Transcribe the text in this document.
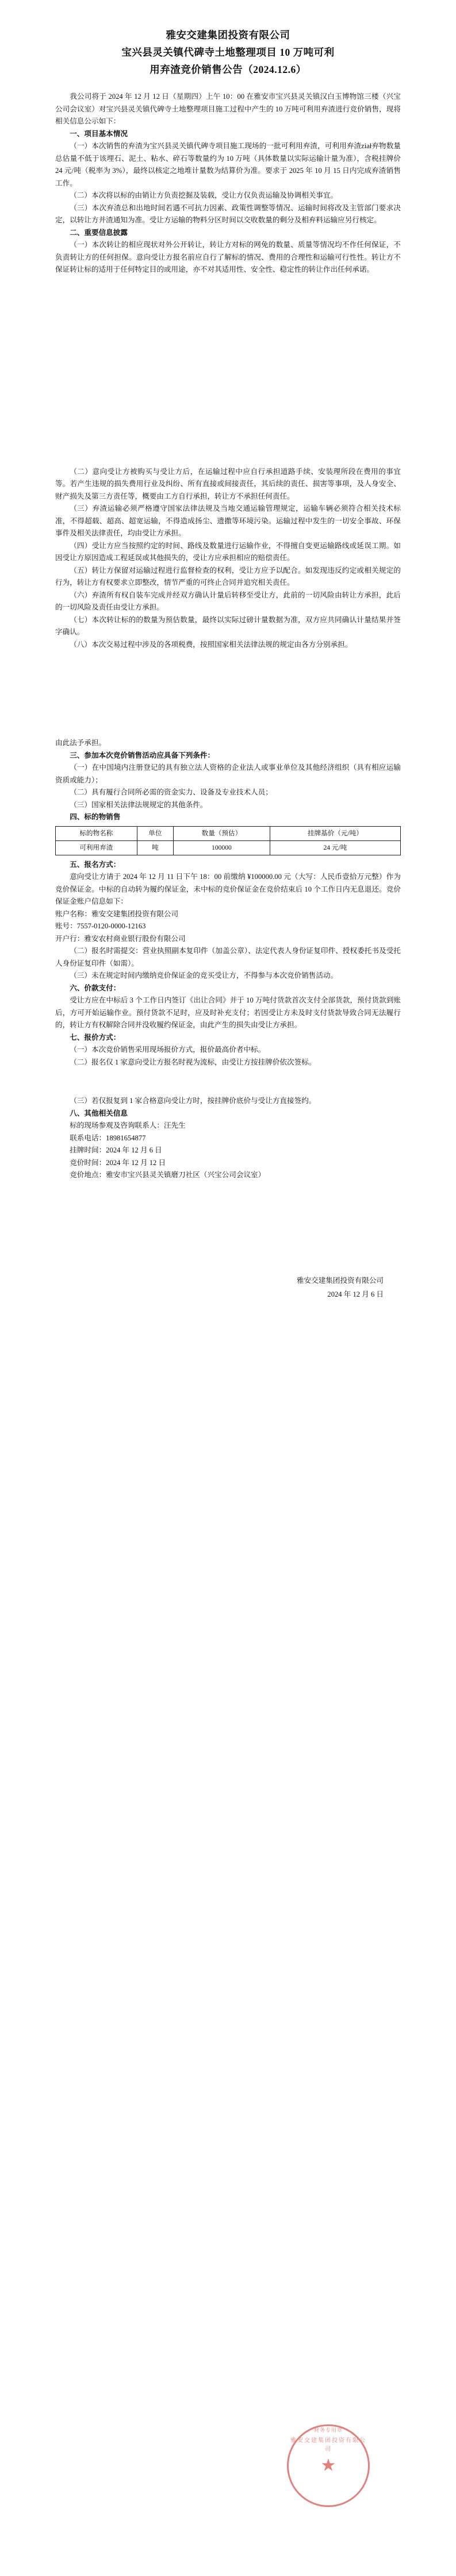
雅安交建集团投资有限公司
宝兴县灵关镇代碑寺土地整理项目 10 万吨可利
用弃渣竞价销售公告（2024.12.6）

我公司将于 2024 年 12 月 12 日（星期四）上午 10：00 在雅安市宝兴县灵关镇汉白玉博物馆三楼（兴宝公司会议室）对宝兴县灵关镇代碑寺土地整理项目施工过程中产生的 10 万吨可利用弃渣进行竞价销售，现将相关信息公示如下：

一、项目基本情况

（一）本次销售的弃渣为宝兴县灵关镇代碑寺项目施工现场的一批可利用弃渣，可利用弃渣ział弃物数量总估量不低于该埋石、泥土、粘水、碎石等数量约为 10 万吨（具体数量以实际运输计量为准），含税挂牌价 24 元/吨（税率为 3%），最终以核定之地堆计量数为结算价为准。要求于 2025 年 10 月 15 日内完成弃渣销售工作。

（二）本次将以标的由销让方负责挖掘及装载，受让方仅负责运输及协调相关事宜。

（三）本次弃渣总和出地时间若遇不可抗力因素、政策性调整等情况、运输时间将改及主管部门要求决定，以转让方并渣通知为准。受让方运输的物料分区时间以交收数量的剩分及相弃料运输应另行核定。

二、重要信息披露

（一）本次转让的相应现状对外公开转让，转让方对标的网免的数量、质量等情况均不作任何保证，不负责转让方的任何担保。意向受让方报名前应自行了解标的情况、费用的合理性和运输可行性性。转让方不保证转让标的适用于任何特定目的或用途，亦不对其适用性、安全性、稳定性的转让作出任何承诺。

（二）意向受让方被购买与受让方后，在运输过程中应自行承担道路手续、安装理所段在费用的事宜等。若产生违规的损失费用行业及纠纷、所有直接或间接责任，其后续的责任、损害等事项，及人身安全、财产损失及第三方责任等，概要由工方自行承担，转让方不承担任何责任。

（三）弃渣运输必须严格遵守国家法律法规及当地交通运输管理规定，运输车辆必须符合相关技术标准，不得超载、超高、超宽运输，不得造成扬尘、遗撒等环境污染。运输过程中发生的一切安全事故、环保事件及相关法律责任，均由受让方承担。

（四）受让方应当按照约定的时间、路线及数量进行运输作业，不得擅自变更运输路线或延误工期。如因受让方原因造成工程延误或其他损失的，受让方应承担相应的赔偿责任。

（五）转让方保留对运输过程进行监督检查的权利，受让方应予以配合。如发现违反约定或相关规定的行为，转让方有权要求立即整改，情节严重的可终止合同并追究相关责任。

（六）弃渣所有权自装车完成并经双方确认计量后转移至受让方，此前的一切风险由转让方承担，此后的一切风险及责任由受让方承担。

（七）本次转让标的的数量为预估数量，最终以实际过磅计量数据为准，双方应共同确认计量结果并签字确认。

（八）本次交易过程中涉及的各项税费，按照国家相关法律法规的规定由各方分别承担。

由此法予承担。

三、参加本次竞价销售活动应具备下列条件：

（一）在中国境内注册登记的具有独立法人资格的企业法人或事业单位及其他经济组织（具有相应运输资质或能力）；

（二）具有履行合同所必需的资金实力、设备及专业技术人员；

（三）国家相关法律法规规定的其他条件。

四、标的物销售

标的物名称	单位	数量（预估）	挂牌基价（元/吨）
可利用弃渣	吨	100000	24 元/吨

五、报名方式：

意向受让方请于 2024 年 12 月 11 日下午 18：00 前缴纳 ¥100000.00 元（大写：人民币壹拾万元整）作为竞价保证金。中标的自动转为履约保证金，未中标的竞价保证金在竞价结束后 10 个工作日内无息退还。竞价保证金账户信息如下：

账户名称：雅安交建集团投资有限公司

账号：7557-0120-0000-12163

开户行：雅安农村商业银行股份有限公司

（二）报名时需提交：营业执照副本复印件（加盖公章）、法定代表人身份证复印件、授权委托书及受托人身份证复印件（如需）。

（三）未在规定时间内缴纳竞价保证金的竞买受让方，不得参与本次竞价销售活动。

六、价款支付：

受让方应在中标后 3 个工作日内签订《出让合同》并于 10 万吨付货款首次支付全部货款，预付货款到账后，方可开始运输作业。预付货款不足时，应及时补充支付；若因受让方未及时支付货款导致合同无法履行的，转让方有权解除合同并没收履约保证金，由此产生的损失由受让方承担。

七、报价方式：

（一）本次竞价销售采用现场报价方式，报价最高价者中标。

（二）报名仅 1 家意向受让方报名时视为流标，由受让方按挂牌价依次签标。

（三）若仅报复到 1 家合格意向受让方时，按挂牌价底价与受让方直接签约。

八、其他相关信息

标的现场参观及咨询联系人：汪先生

联系电话：18981654877

挂牌时间：2024 年 12 月 6 日

竞价时间：2024 年 12 月 12 日

竞价地点：雅安市宝兴县灵关镇磨刀社区（兴宝公司会议室）

雅安交建集团投资有限公司
2024 年 12 月 6 日
雅安交建集团投资有限公司
★
财务专用章
